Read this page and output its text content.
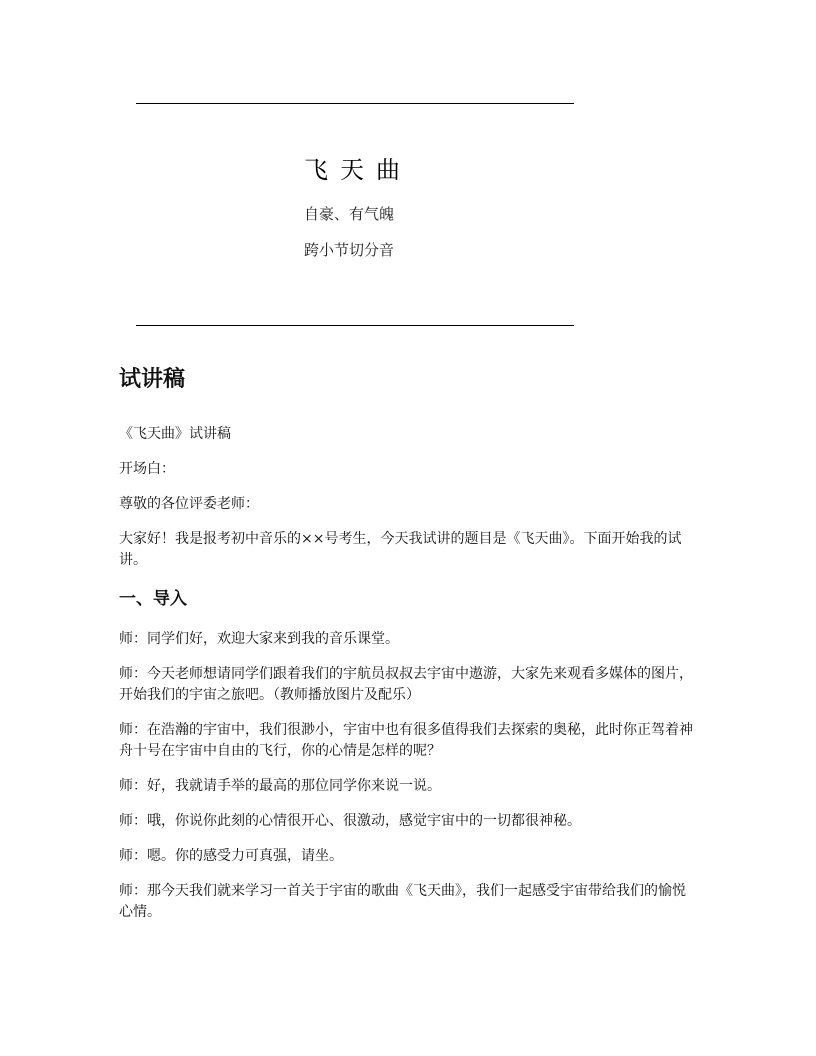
飞天曲
自豪、有气魄
跨小节切分音
试讲稿

《飞天曲》试讲稿

开场白：

尊敬的各位评委老师：

大家好！我是报考初中音乐的××号考生，今天我试讲的题目是《飞天曲》。下面开始我的试讲。

一、导入

师：同学们好，欢迎大家来到我的音乐课堂。

师：今天老师想请同学们跟着我们的宇航员叔叔去宇宙中遨游，大家先来观看多媒体的图片，开始我们的宇宙之旅吧。（教师播放图片及配乐）

师：在浩瀚的宇宙中，我们很渺小，宇宙中也有很多值得我们去探索的奥秘，此时你正驾着神舟十号在宇宙中自由的飞行，你的心情是怎样的呢？

师：好，我就请手举的最高的那位同学你来说一说。

师：哦，你说你此刻的心情很开心、很激动，感觉宇宙中的一切都很神秘。

师：嗯。你的感受力可真强，请坐。

师：那今天我们就来学习一首关于宇宙的歌曲《飞天曲》，我们一起感受宇宙带给我们的愉悦心情。
